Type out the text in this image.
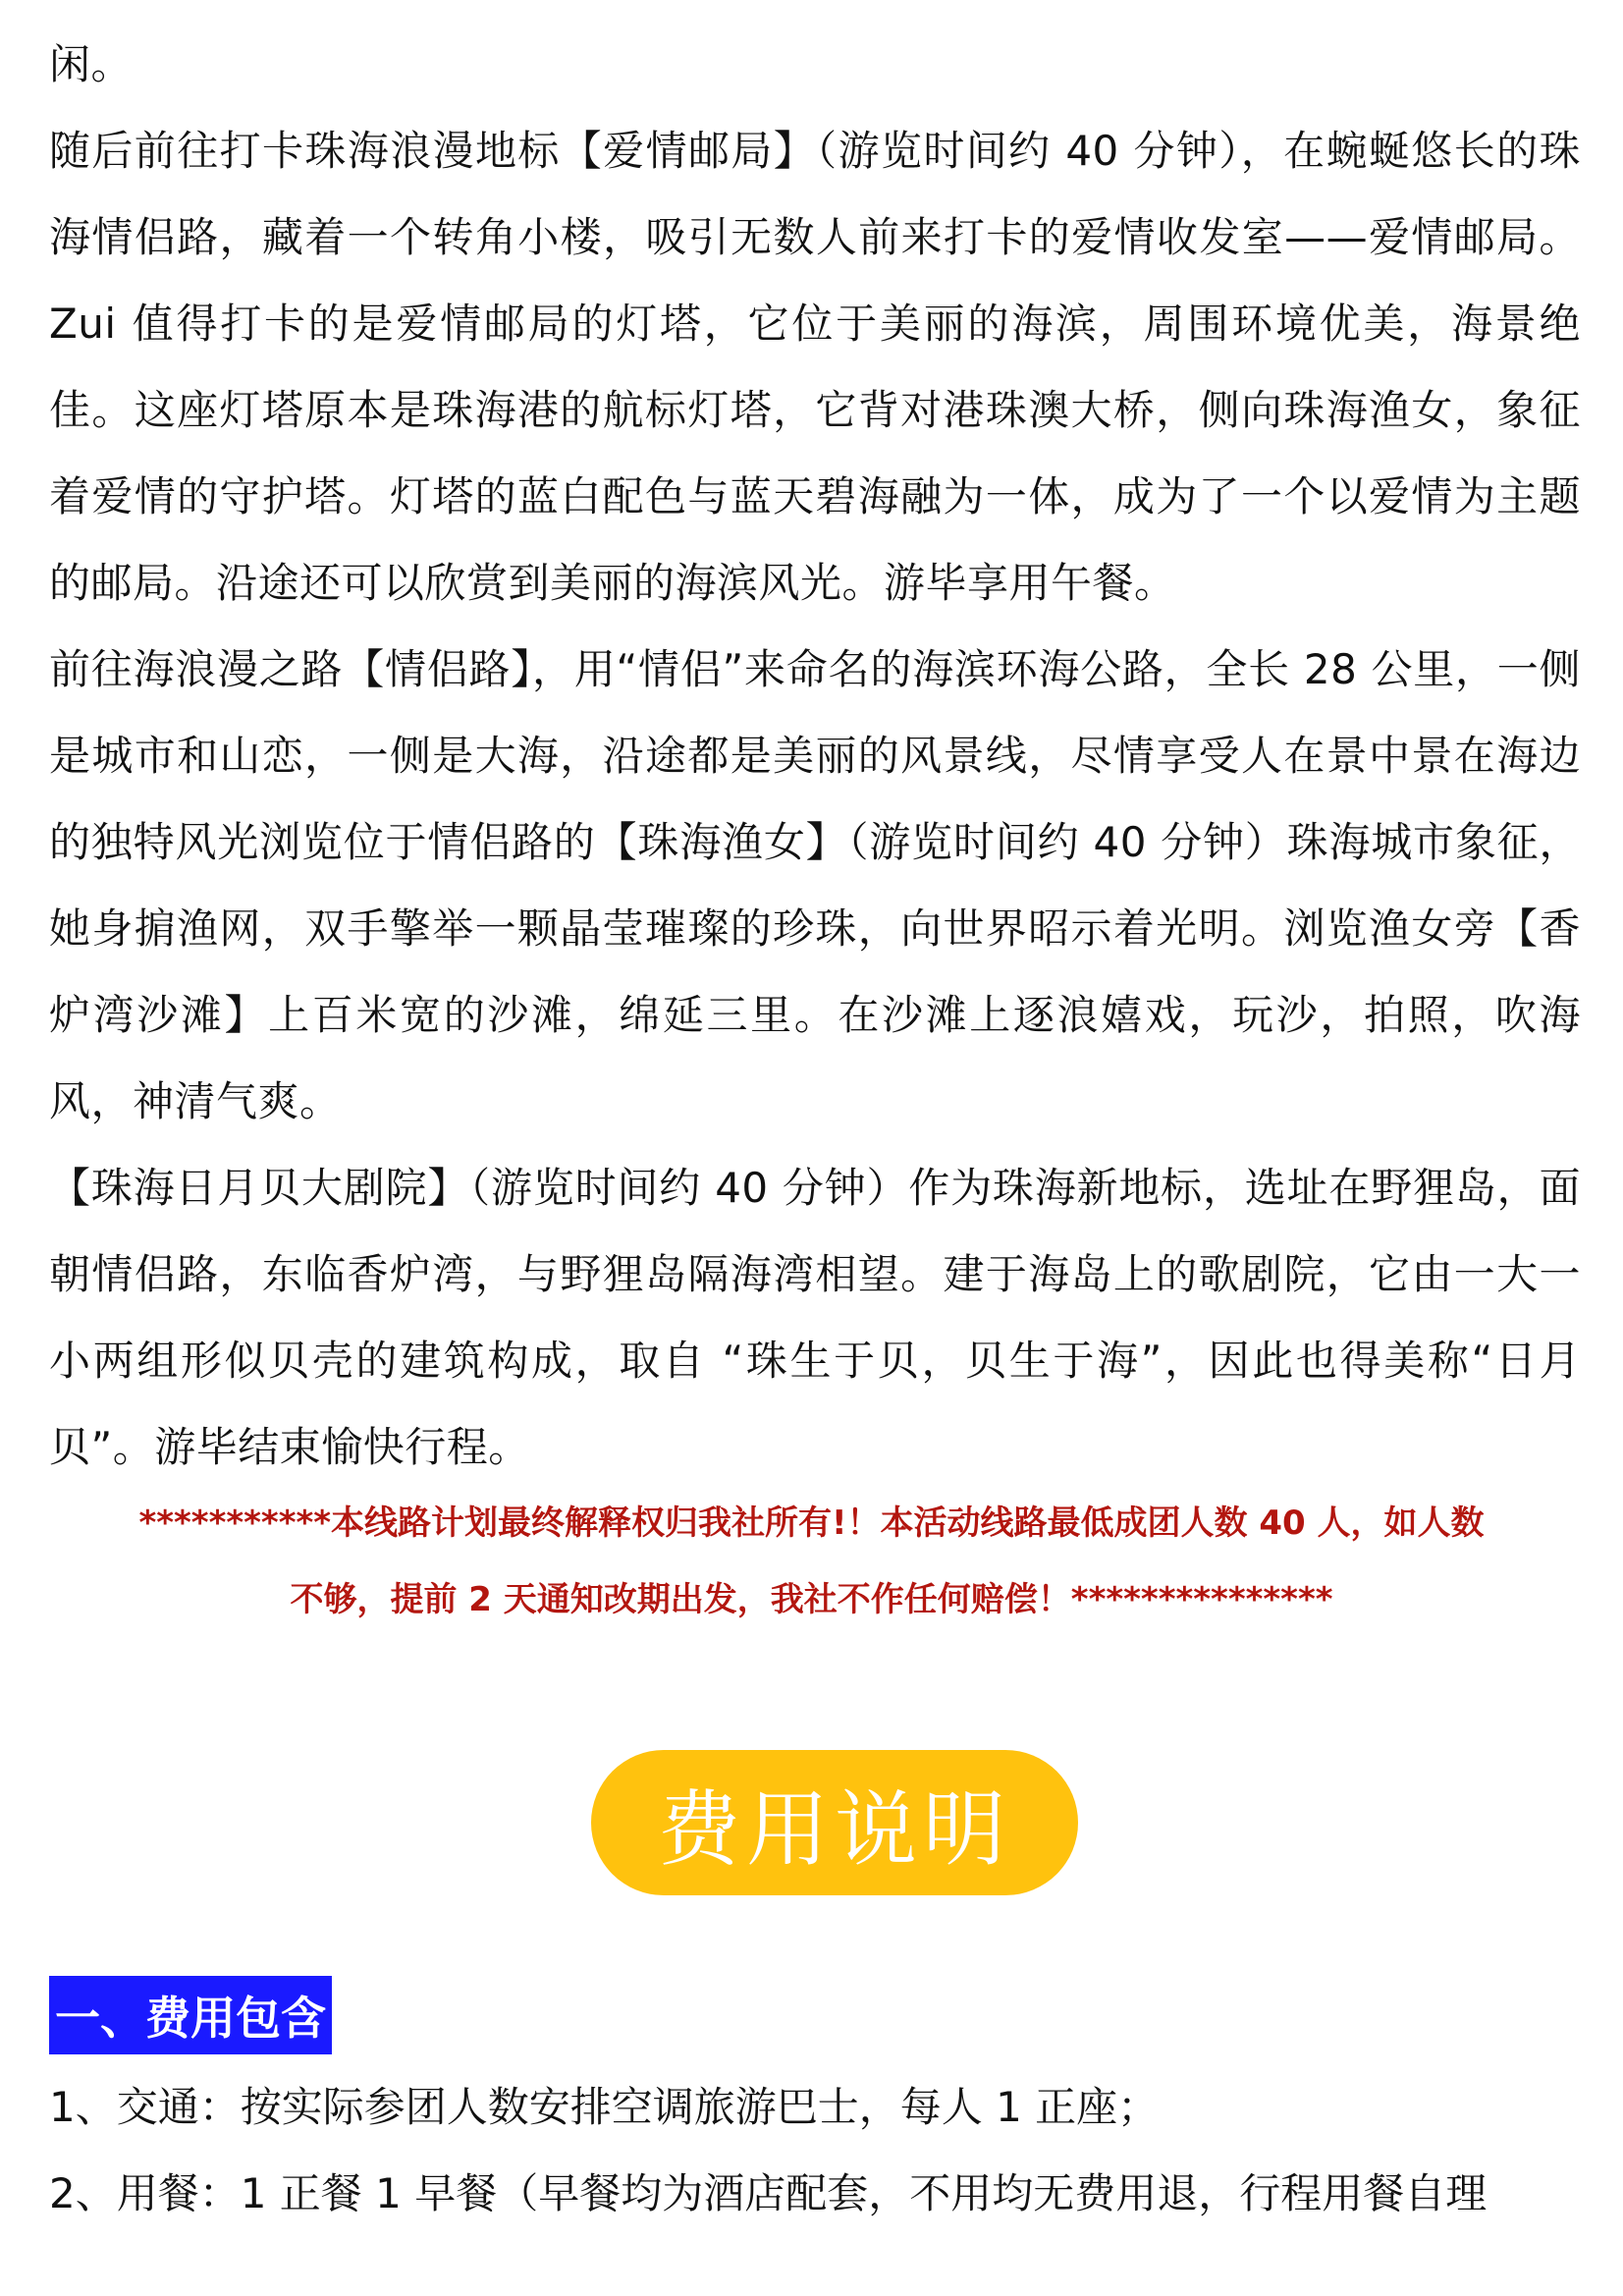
闲。

随后前往打卡珠海浪漫地标【爱情邮局】（游览时间约 40 分钟），在蜿蜒悠长的珠海情侣路，藏着一个转角小楼，吸引无数人前来打卡的爱情收发室——爱情邮局。Zui 值得打卡的是爱情邮局的灯塔，它位于美丽的海滨，周围环境优美，海景绝佳。这座灯塔原本是珠海港的航标灯塔，它背对港珠澳大桥，侧向珠海渔女，象征着爱情的守护塔。灯塔的蓝白配色与蓝天碧海融为一体，成为了一个以爱情为主题的邮局。沿途还可以欣赏到美丽的海滨风光。游毕享用午餐。

前往海浪漫之路【情侣路】，用“情侣”来命名的海滨环海公路，全长 28 公里，一侧是城市和山恋，一侧是大海，沿途都是美丽的风景线，尽情享受人在景中景在海边的独特风光浏览位于情侣路的【珠海渔女】（游览时间约 40 分钟）珠海城市象征，她身掮渔网，双手擎举一颗晶莹璀璨的珍珠，向世界昭示着光明。浏览渔女旁【香炉湾沙滩】上百米宽的沙滩，绵延三里。在沙滩上逐浪嬉戏，玩沙，拍照，吹海风，神清气爽。

【珠海日月贝大剧院】（游览时间约 40 分钟）作为珠海新地标，选址在野狸岛，面朝情侣路，东临香炉湾，与野狸岛隔海湾相望。建于海岛上的歌剧院，它由一大一小两组形似贝壳的建筑构成，取自 “珠生于贝，贝生于海”，因此也得美称“日月贝”。游毕结束愉快行程。

***********本线路计划最终解释权归我社所有!！本活动线路最低成团人数 40 人，如人数
不够，提前 2 天通知改期出发，我社不作任何赔偿！***************
费用说明
一、费用包含

1、交通：按实际参团人数安排空调旅游巴士，每人 1 正座；

2、用餐：1 正餐 1 早餐（早餐均为酒店配套，不用均无费用退，行程用餐自理
